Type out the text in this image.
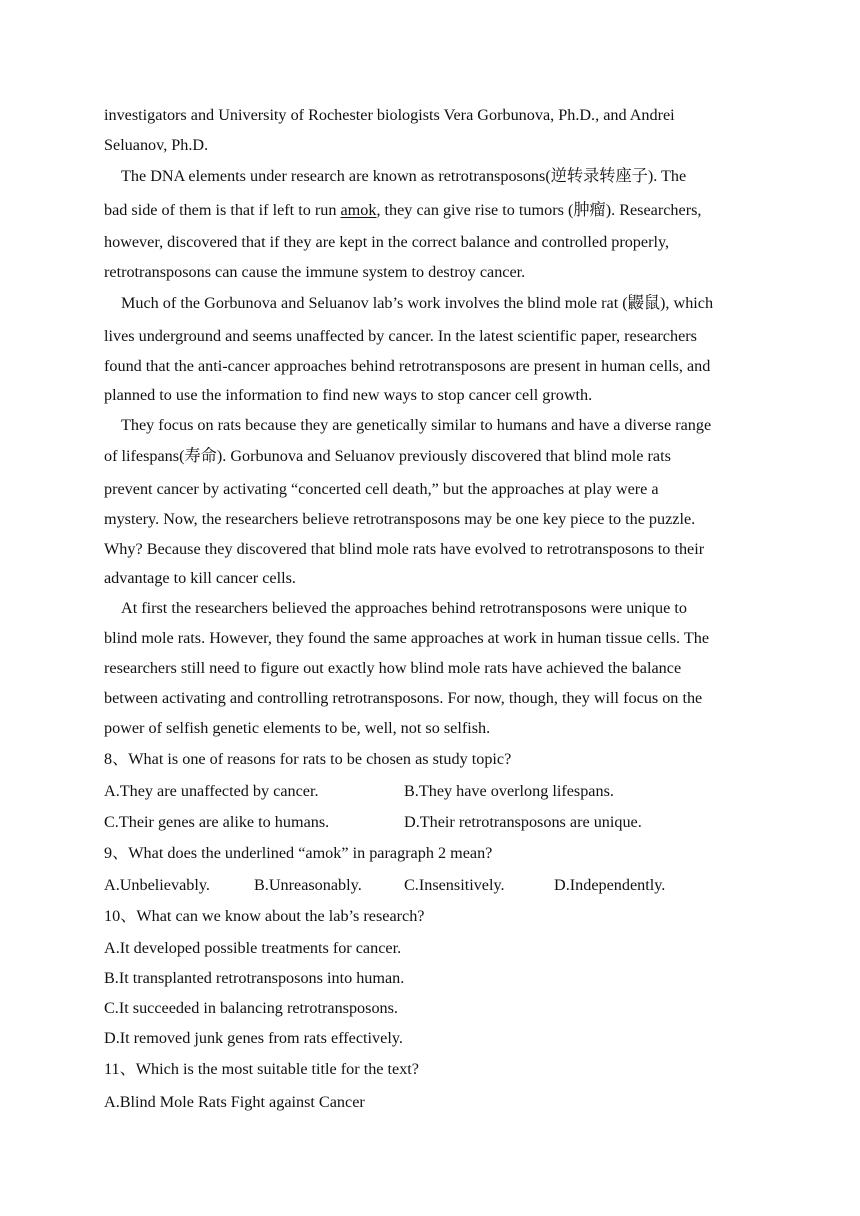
investigators and University of Rochester biologists Vera Gorbunova, Ph.D., and Andrei
Seluanov, Ph.D.
The DNA elements under research are known as retrotransposons(逆转录转座子). The
bad side of them is that if left to run amok, they can give rise to tumors (肿瘤). Researchers,
however, discovered that if they are kept in the correct balance and controlled properly,
retrotransposons can cause the immune system to destroy cancer.
Much of the Gorbunova and Seluanov lab’s work involves the blind mole rat (鼹鼠), which
lives underground and seems unaffected by cancer. In the latest scientific paper, researchers
found that the anti-cancer approaches behind retrotransposons are present in human cells, and
planned to use the information to find new ways to stop cancer cell growth.
They focus on rats because they are genetically similar to humans and have a diverse range
of lifespans(寿命). Gorbunova and Seluanov previously discovered that blind mole rats
prevent cancer by activating “concerted cell death,” but the approaches at play were a
mystery. Now, the researchers believe retrotransposons may be one key piece to the puzzle.
Why? Because they discovered that blind mole rats have evolved to retrotransposons to their
advantage to kill cancer cells.
At first the researchers believed the approaches behind retrotransposons were unique to
blind mole rats. However, they found the same approaches at work in human tissue cells. The
researchers still need to figure out exactly how blind mole rats have achieved the balance
between activating and controlling retrotransposons. For now, though, they will focus on the
power of selfish genetic elements to be, well, not so selfish.
8、What is one of reasons for rats to be chosen as study topic?
A.They are unaffected by cancer.	B.They have overlong lifespans.
C.Their genes are alike to humans.	D.Their retrotransposons are unique.
9、What does the underlined “amok” in paragraph 2 mean?
A.Unbelievably.	B.Unreasonably.	C.Insensitively.	D.Independently.
10、What can we know about the lab’s research?
A.It developed possible treatments for cancer.
B.It transplanted retrotransposons into human.
C.It succeeded in balancing retrotransposons.
D.It removed junk genes from rats effectively.
11、Which is the most suitable title for the text?
A.Blind Mole Rats Fight against Cancer
